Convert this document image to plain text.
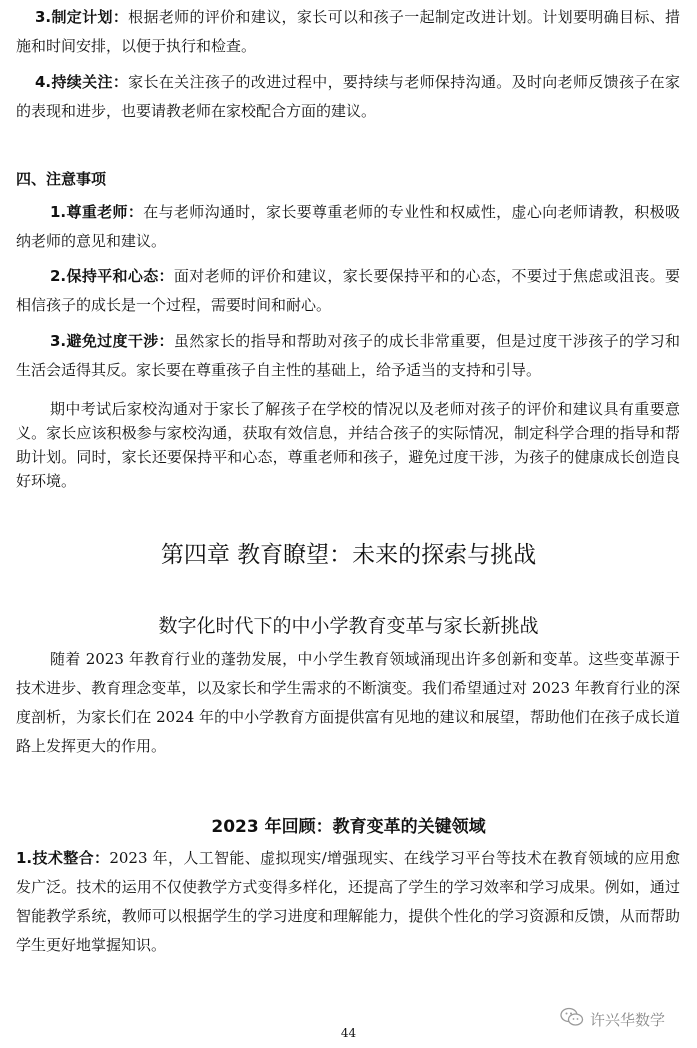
3.制定计划：根据老师的评价和建议，家长可以和孩子一起制定改进计划。计划要明确目标、措施和时间安排，以便于执行和检查。

4.持续关注：家长在关注孩子的改进过程中，要持续与老师保持沟通。及时向老师反馈孩子在家的表现和进步，也要请教老师在家校配合方面的建议。

四、注意事项

1.尊重老师：在与老师沟通时，家长要尊重老师的专业性和权威性，虚心向老师请教，积极吸纳老师的意见和建议。

2.保持平和心态：面对老师的评价和建议，家长要保持平和的心态，不要过于焦虑或沮丧。要相信孩子的成长是一个过程，需要时间和耐心。

3.避免过度干涉：虽然家长的指导和帮助对孩子的成长非常重要，但是过度干涉孩子的学习和生活会适得其反。家长要在尊重孩子自主性的基础上，给予适当的支持和引导。

期中考试后家校沟通对于家长了解孩子在学校的情况以及老师对孩子的评价和建议具有重要意义。家长应该积极参与家校沟通，获取有效信息，并结合孩子的实际情况，制定科学合理的指导和帮助计划。同时，家长还要保持平和心态，尊重老师和孩子，避免过度干涉，为孩子的健康成长创造良好环境。

第四章 教育瞭望：未来的探索与挑战
数字化时代下的中小学教育变革与家长新挑战

随着 2023 年教育行业的蓬勃发展，中小学生教育领域涌现出许多创新和变革。这些变革源于技术进步、教育理念变革，以及家长和学生需求的不断演变。我们希望通过对 2023 年教育行业的深度剖析，为家长们在 2024 年的中小学教育方面提供富有见地的建议和展望，帮助他们在孩子成长道路上发挥更大的作用。

2023 年回顾：教育变革的关键领域

1.技术整合：2023 年，人工智能、虚拟现实/增强现实、在线学习平台等技术在教育领域的应用愈发广泛。技术的运用不仅使教学方式变得多样化，还提高了学生的学习效率和学习成果。例如，通过智能教学系统，教师可以根据学生的学习进度和理解能力，提供个性化的学习资源和反馈，从而帮助学生更好地掌握知识。

许兴华数学
44
